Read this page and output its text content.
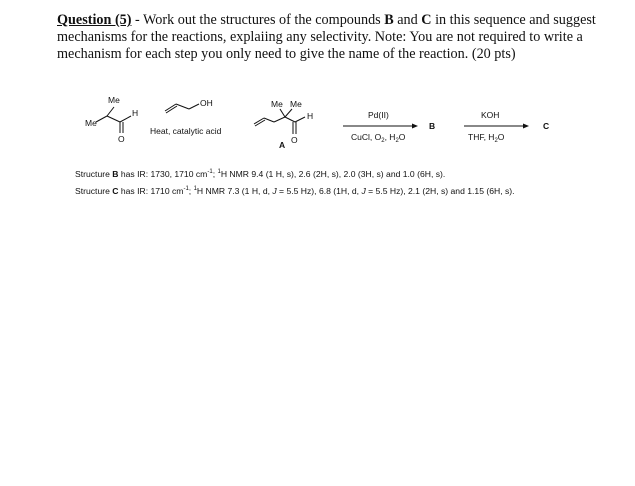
Question (5) - Work out the structures of the compounds B and C in this sequence and suggest mechanisms for the reactions, explaiing any selectivity. Note: You are not required to write a mechanism for each step you only need to give the name of the reaction. (20 pts)
Me
Me
H
O
OH
Heat, catalytic acid
Me Me
H
O
A
Pd(II)
CuCl, $O_2$, $H_2O$
B
KOH
THF, $H_2O$
C

Structure B has IR: 1730, 1710 $cm^{-1}$; $^1$H NMR 9.4 (1 H, s), 2.6 (2H, s), 2.0 (3H, s) and 1.0 (6H, s).

Structure C has IR: 1710 $cm^{-1}$; $^1$H NMR 7.3 (1 H, d, J = 5.5 Hz), 6.8 (1H, d, J = 5.5 Hz), 2.1 (2H, s) and 1.15 (6H, s).
